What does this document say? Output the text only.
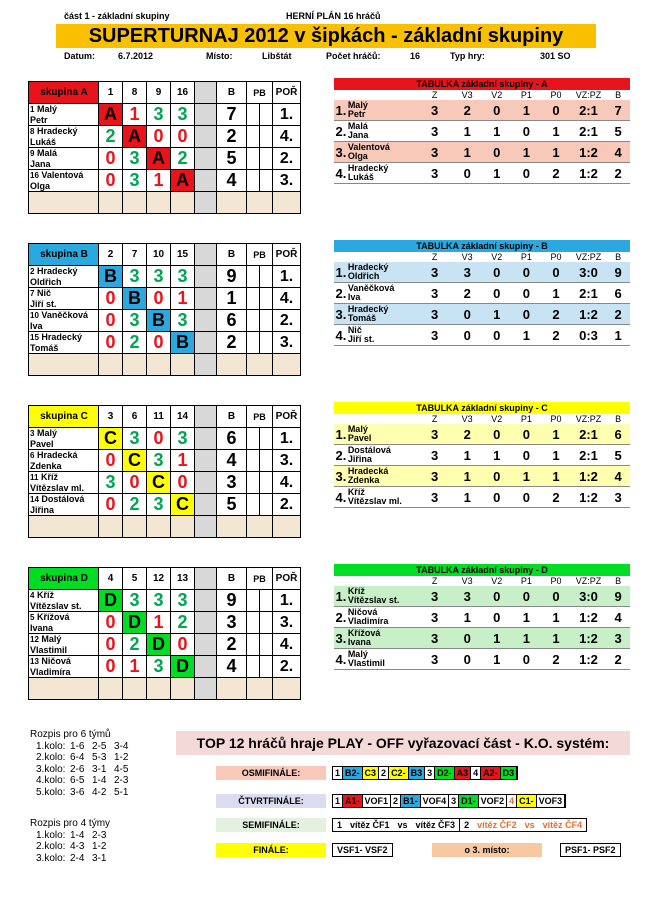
část 1 - základní skupiny	HERNÍ PLÁN 16 hráčů
SUPERTURNAJ 2012 v šipkách - základní skupiny
Datum:	6.7.2012	Místo:	Libštát	Počet hráčů:	16	Typ hry:	301 SO
skupina A	1	8	9	16		B	PB	POŘ
1 Malý
Petr	A	1	3	3		7		1.
8 Hradecký
Lukáš	2	A	0	0		2		4.
9 Malá
Jana	0	3	A	2		5		2.
16 Valentová
Olga	0	3	1	A		4		3.

TABULKA základní skupiny - A
Z	V3	V2	P1	P0	VZ:PZ	B
1. Malý
Petr	3	2	0	1	0	2:1	7
2. Malá
Jana	3	1	1	0	1	2:1	5
3. Valentová
Olga	3	1	0	1	1	1:2	4
4. Hradecký
Lukáš	3	0	1	0	2	1:2	2
skupina B	2	7	10	15		B	PB	POŘ
2 Hradecký
Oldřich	B	3	3	3		9		1.
7 Nič
Jiří st.	0	B	0	1		1		4.
10 Vaněčková
Iva	0	3	B	3		6		2.
15 Hradecký
Tomáš	0	2	0	B		2		3.

TABULKA základní skupiny - B
Z	V3	V2	P1	P0	VZ:PZ	B
1. Hradecký
Oldřich	3	3	0	0	0	3:0	9
2. Vaněčková
Iva	3	2	0	0	1	2:1	6
3. Hradecký
Tomáš	3	0	1	0	2	1:2	2
4. Nič
Jiří st.	3	0	0	1	2	0:3	1
skupina C	3	6	11	14		B	PB	POŘ
3 Malý
Pavel	C	3	0	3		6		1.
6 Hradecká
Zdenka	0	C	3	1		4		3.
11 Kříž
Vítězslav ml.	3	0	C	0		3		4.
14 Dostálová
Jiřina	0	2	3	C		5		2.

TABULKA základní skupiny - C
Z	V3	V2	P1	P0	VZ:PZ	B
1. Malý
Pavel	3	2	0	0	1	2:1	6
2. Dostálová
Jiřina	3	1	1	0	1	2:1	5
3. Hradecká
Zdenka	3	1	0	1	1	1:2	4
4. Kříž
Vítězslav ml.	3	1	0	0	2	1:2	3
skupina D	4	5	12	13		B	PB	POŘ
4 Kříž
Vítězslav st.	D	3	3	3		9		1.
5 Křížová
Ivana	0	D	1	2		3		3.
12 Malý
Vlastimil	0	2	D	0		2		4.
13 Ničová
Vladimíra	0	1	3	D		4		2.

TABULKA základní skupiny - D
Z	V3	V2	P1	P0	VZ:PZ	B
1. Kříž
Vítězslav st.	3	3	0	0	0	3:0	9
2. Ničová
Vladimíra	3	1	0	1	1	1:2	4
3. Křížová
Ivana	3	0	1	1	1	1:2	3
4. Malý
Vlastimil	3	0	1	0	2	1:2	2
Rozpis pro 6 týmů
1.kolo: 1-6 2-5 3-4
2.kolo: 6-4 5-3 1-2
3.kolo: 2-6 3-1 4-5
4.kolo: 6-5 1-4 2-3
5.kolo: 3-6 4-2 5-1
Rozpis pro 4 týmy
1.kolo: 1-4 2-3
2.kolo: 4-3 1-2
3.kolo: 2-4 3-1
TOP 12 hráčů hraje PLAY - OFF vyřazovací část - K.O. systém:
OSMIFINÁLE:	1 B2- C3 2 C2- B3 3 D2- A3 4 A2- D3
ČTVRTFINÁLE:	1 A1- VOF1 2 B1- VOF4 3 D1- VOF2 4 C1- VOF3
SEMIFINÁLE:	1 vítěz ČF1 vs vítěz ČF3	2 vítěz ČF2 vs vítěz ČF4
FINÁLE:	VSF1- VSF2	o 3. místo:	PSF1- PSF2
